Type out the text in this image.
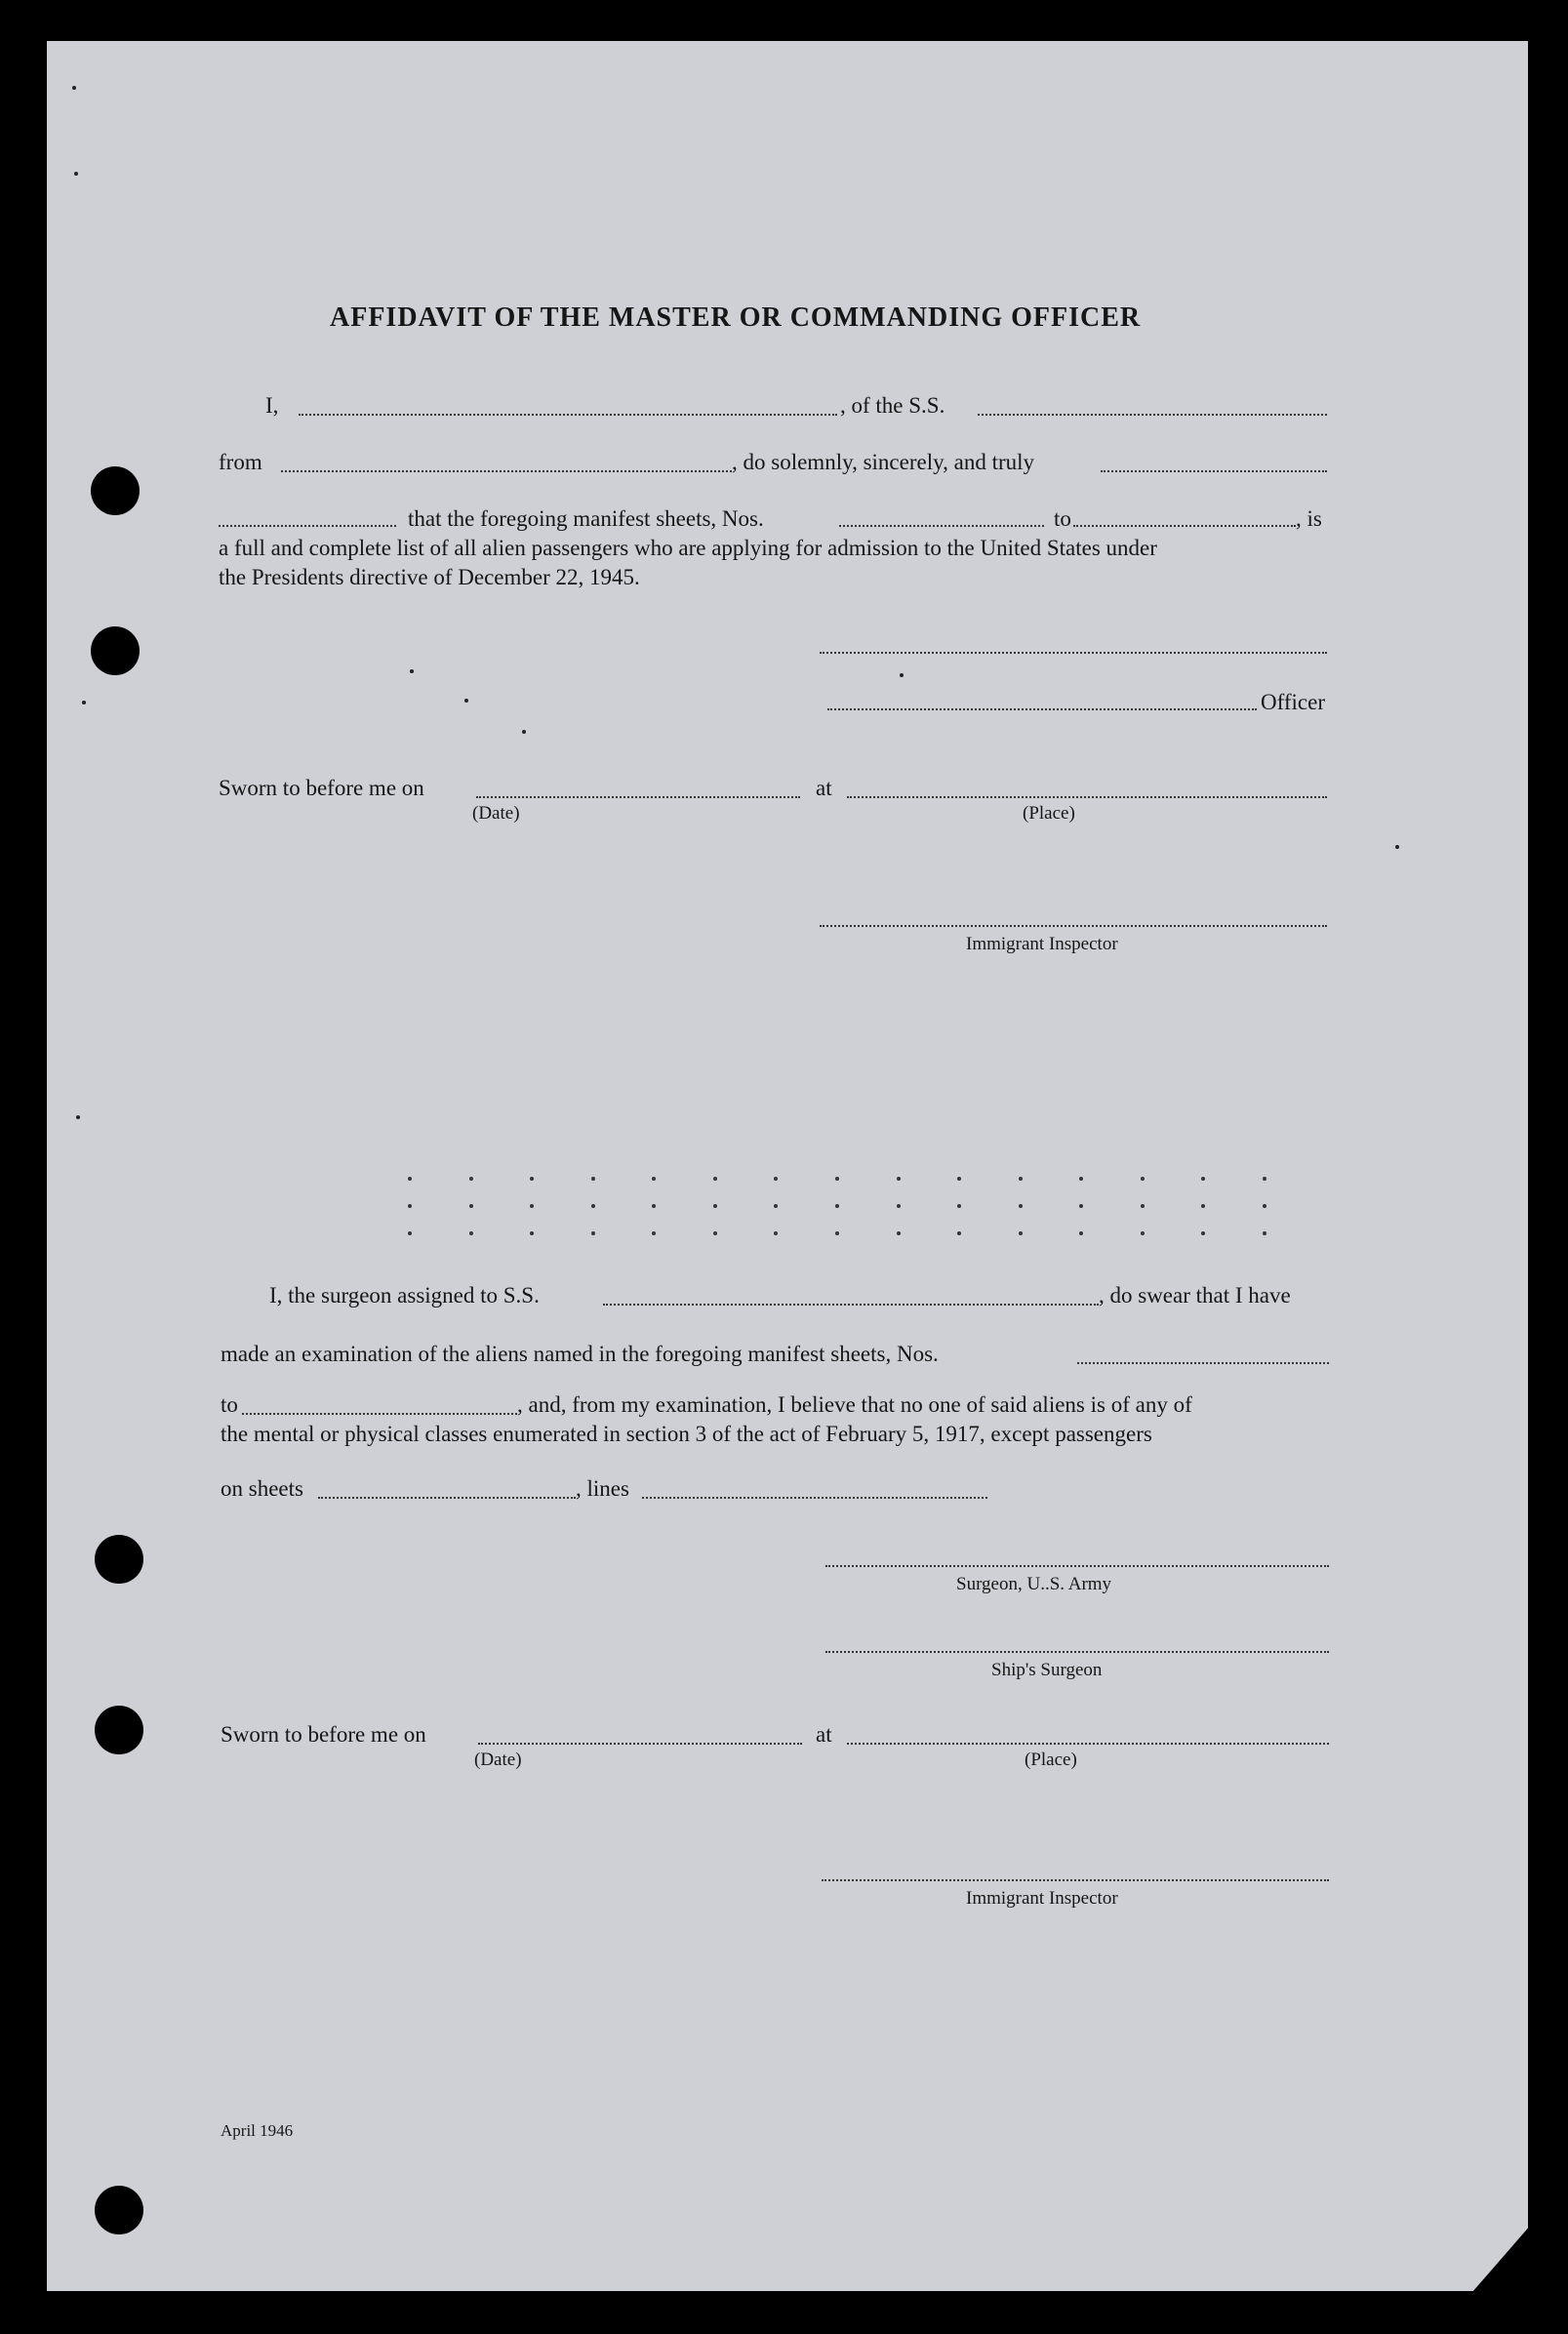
AFFIDAVIT OF THE MASTER OR COMMANDING OFFICER
I,	, of the S.S.
from	, do solemnly, sincerely, and truly
that the foregoing manifest sheets, Nos.	to	, is
a full and complete list of all alien passengers who are applying for admission to the United States under
the Presidents directive of December 22, 1945.
Officer
Sworn to before me on	at
(Date)	(Place)
Immigrant Inspector
I, the surgeon assigned to S.S.	, do swear that I have
made an examination of the aliens named in the foregoing manifest sheets, Nos.
to	, and, from my examination, I believe that no one of said aliens is of any of
the mental or physical classes enumerated in section 3 of the act of February 5, 1917, except passengers
on sheets	, lines
Surgeon, U..S. Army
Ship's Surgeon
Sworn to before me on	at
(Date)	(Place)
Immigrant Inspector
April 1946
